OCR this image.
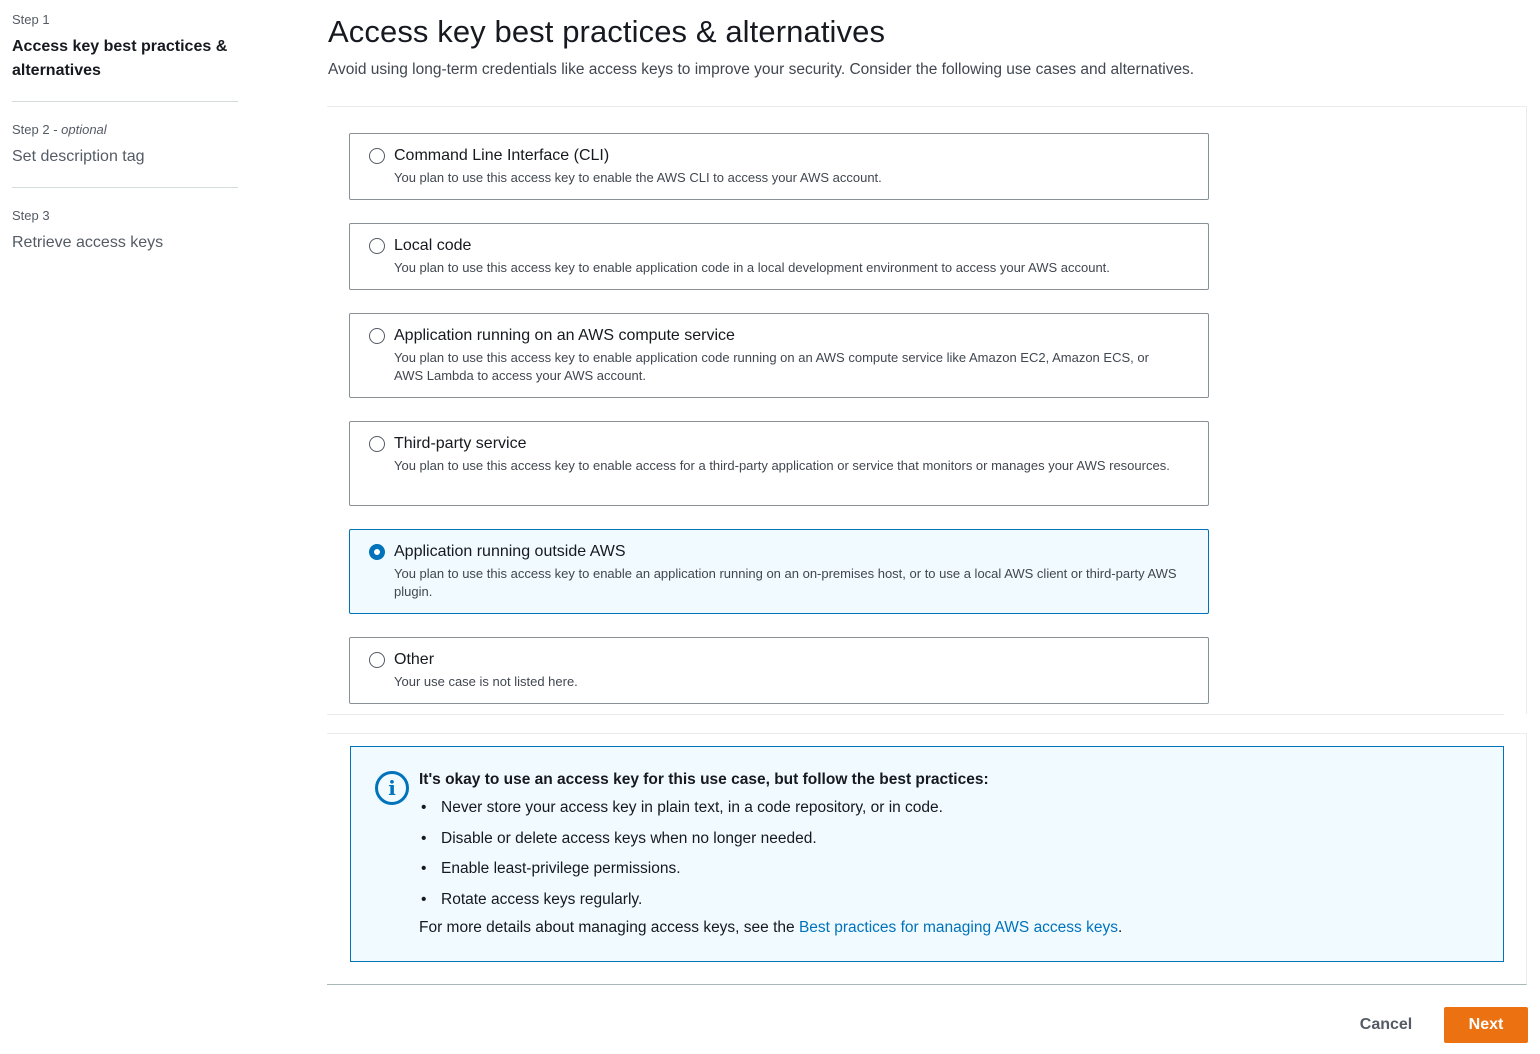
Step 1
Access key best practices & alternatives
Step 2 - optional
Set description tag
Step 3
Retrieve access keys
Access key best practices & alternatives

Avoid using long-term credentials like access keys to improve your security. Consider the following use cases and alternatives.

Command Line Interface (CLI)
You plan to use this access key to enable the AWS CLI to access your AWS account.
Local code
You plan to use this access key to enable application code in a local development environment to access your AWS account.
Application running on an AWS compute service
You plan to use this access key to enable application code running on an AWS compute service like Amazon EC2, Amazon ECS, or AWS Lambda to access your AWS account.
Third-party service
You plan to use this access key to enable access for a third-party application or service that monitors or manages your AWS resources.
Application running outside AWS
You plan to use this access key to enable an application running on an on-premises host, or to use a local AWS client or third-party AWS plugin.
Other
Your use case is not listed here.
i	It's okay to use an access key for this use case, but follow the best practices:
• Never store your access key in plain text, in a code repository, or in code.
• Disable or delete access keys when no longer needed.
• Enable least-privilege permissions.
• Rotate access keys regularly.

For more details about managing access keys, see the Best practices for managing AWS access keys.

Cancel	Next
